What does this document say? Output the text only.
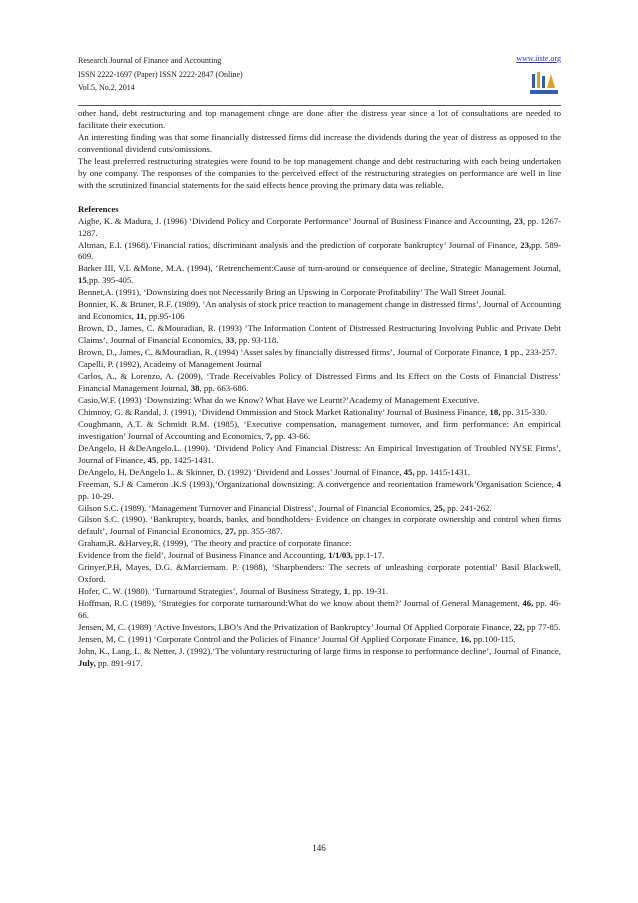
Research Journal of Finance and Accounting
ISSN 2222-1697 (Paper) ISSN 2222-2847 (Online)
Vol.5, No.2, 2014
www.iiste.org

other hand, debt restructuring and top management chnge are done after the distress year since a lot of consultations are needed to facilitate their execution.

An interesting finding was that some financially distressed firms did increase the dividends during the year of distress as opposed to the conventional dividend cuts/omissions.

The least preferred restructuring strategies were found to be top management change and debt restructuring with each being undertaken by one company. The responses of the companies to the perceived effect of the restructuring strategies on performance are well in line with the scrutinized financial statements for the said effects hence proving the primary data was reliable.

References

Aigbe, K. & Madura, J. (1996) ‘Dividend Policy and Corporate Performance’ Journal of Business Finance and Accounting, 23, pp. 1267-1287.

Altman, E.I. (1968).‘Financial ratios, discriminant analysis and the prediction of corporate bankruptcy’ Journal of Finance, 23,pp. 589-609.

Barker III, V.L &Mone, M.A. (1994), ‘Retrenchement:Cause of turn-around or consequence of decline, Strategic Management Journal, 15,pp. 395-405.

Bennet,A. (1991), ‘Downsizing does not Necessarily Bring an Upswing in Corporate Profitability’ The Wall Street Jounal.

Bonnier, K. & Bruner, R.F. (1989), ‘An analysis of stock price reaction to management change in distressed firms’, Journal of Accounting and Economics, 11, pp.95-106

Brown, D., James, C. &Mouradian, R. (1993) ‘The Information Content of Distressed Restructuring Involving Public and Private Debt Claims’, Journal of Financial Economics, 33, pp. 93-118.

Brown, D., James, C. &Mouradian, R. (1994) ‘Asset sales by financially distressed firms’, Journal of Corporate Finance, 1 pp., 233-257.

Capelli, P. (1992), Academy of Management Journal

Carlos, A., & Lorenzo, A. (2009), ‘Trade Receivables Policy of Distressed Firms and Its Effect on the Costs of Financial Distress’ Financial Management Journal, 38, pp. 663-686.

Casio,W.F. (1993) ‘Downsizing: What do we Know? What Have we Learnt?’Academy of Management Executive.

Chimnoy, G. & Randal, J. (1991), ‘Dividend Ommission and Stock Market Rationality’ Journal of Business Finance, 18, pp. 315-330.

Coughmann, A.T. & Schmidt R.M. (1985), ‘Executive compensation, management turnover, and firm performance: An empirical investigation’ Journal of Accounting and Economics, 7, pp. 43-66.

DeAngelo, H &DeAngelo.L. (1990). ‘Dividend Policy And Financial Distress: An Empirical Investigation of Troubled NYSE Firms’, Journal of Finance, 45, pp. 1425-1431.

DeAngelo, H, DeAngelo L. & Skinner, D. (1992) ‘Dividend and Losses’ Journal of Finance, 45, pp. 1415-1431.

Freeman, S.J & Cameron .K.S (1993),‘Organizational downsizing: A convergence and reorientation framework’Organisation Science, 4 pp. 10-29.

Gilson S.C. (1989). ‘Management Turnover and Financial Distress’, Journal of Financial Economics, 25, pp. 241-262.

Gilson S.C. (1990). ‘Bankruptcy, boards, banks, and bondholders- Evidence on changes in corporate ownership and control when firms default’, Journal of Financial Economics, 27, pp. 355-387.

Graham,R. &Harvey,R. (1999), ‘The theory and practice of corporate finance:

Evidence from the field’, Journal of Business Finance and Accounting, 1/1/03, pp.1-17.

Grinyer,P.H, Mayes, D.G. &Marciernam. P. (1988), ‘Sharpbenders: The secrets of unleashing corporate potential’ Basil Blackwell, Oxford.

Hofer, C. W. (1980). ‘Turnaround Strategies’, Journal of Business Strategy, 1, pp. 19-31.

Hoffman, R.C (1989), ‘Strategies for corporate turnaround:What do we know about them?’ Journal of General Management, 46, pp. 46-66.

Jensen, M, C. (1989) ‘Active Investors, LBO’s And the Privatization of Bankruptcy’ Journal Of Applied Corporate Finance, 22, pp 77-85.

Jensen, M, C. (1991) ‘Corporate Control and the Policies of Finance’ Journal Of Applied Corporate Finance, 16, pp.100-115.

John, K., Lang, L. & Netter, J. (1992).‘The voluntary restructuring of large firms in response to performance decline’, Journal of Finance, July, pp. 891-917.

146
